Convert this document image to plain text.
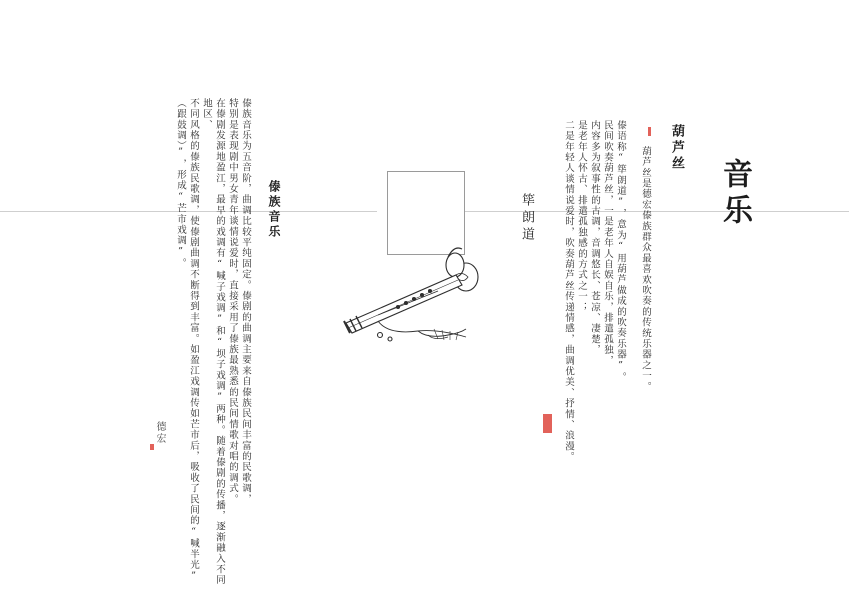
音乐
葫芦丝
葫芦丝是德宏傣族群众最喜欢吹奏的传统乐器之一。
傣语称“筚朗道”，意为“用葫芦做成的吹奏乐器”。
民间吹奏葫芦丝，一是老年人自娱自乐，排遣孤独，
内容多为叙事性的古调，音调悠长、苍凉、凄楚，
是老年人怀古、排遣孤独感的方式之一；
二是年轻人谈情说爱时，吹奏葫芦丝传递情感，曲调优美、抒情、浪漫。
筚朗道
傣族音乐
傣族音乐为五音阶，曲调比较平纯固定。傣剧的曲调主要来自傣族民间丰富的民歌调，
特别是表现剧中男女青年谈情说爱时，直接采用了傣族最熟悉的民间情歌对唱的调式。
在傣剧发源地盈江，最早的戏调有“喊子戏调”和“坝子戏调”两种。随着傣剧的传播，逐渐融入不同地区、
不同风格的傣族民歌调，使傣剧曲调不断得到丰富。如盈江戏调传如芒市后，吸收了民间的“喊半光”
（跟鼓调）”，形成“芒市戏调”。
德宏
